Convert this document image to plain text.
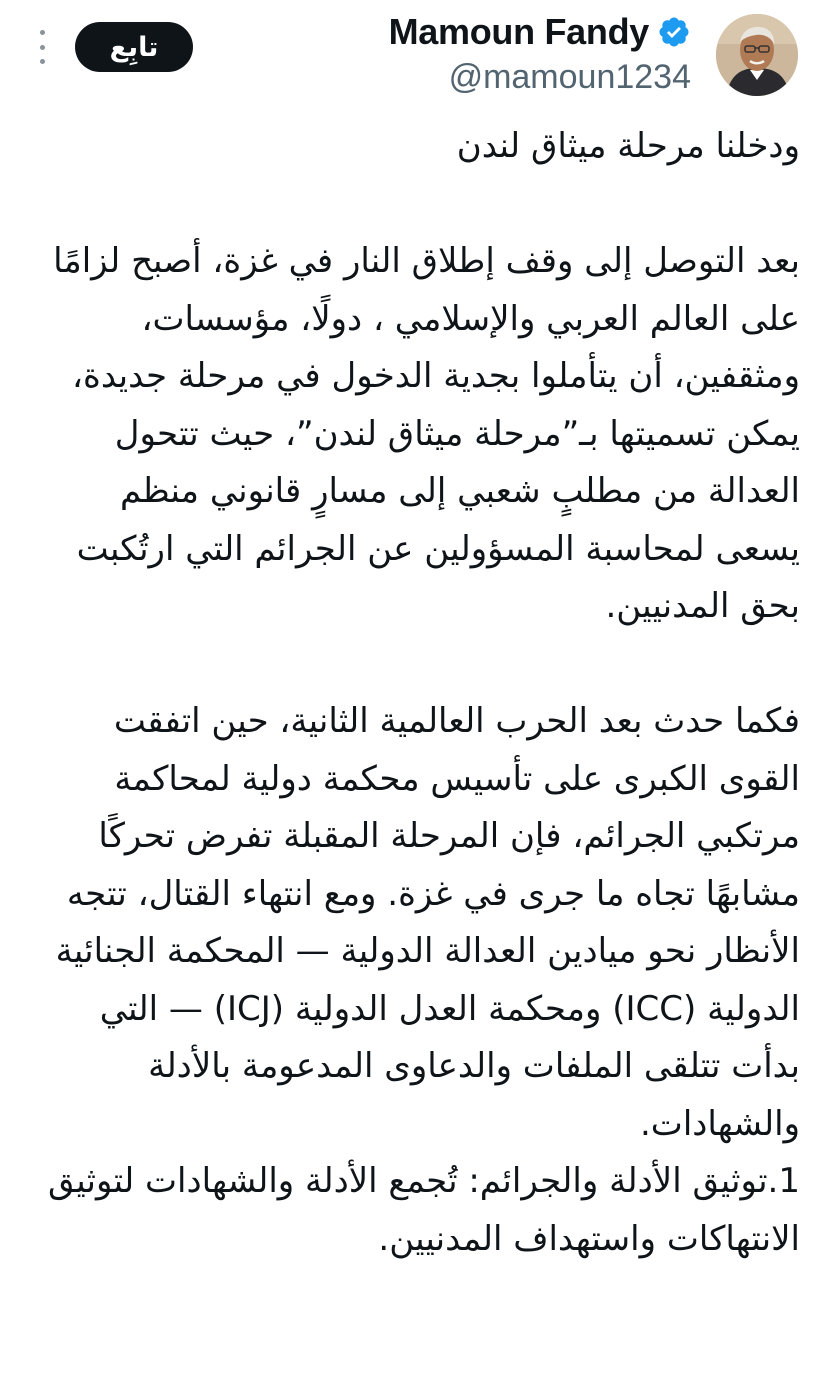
تابِع	Mamoun Fandy
@mamoun1234

ودخلنا مرحلة ميثاق لندن

بعد التوصل إلى وقف إطلاق النار في غزة، أصبح لزامًا على العالم العربي والإسلامي ، دولًا، مؤسسات، ومثقفين، أن يتأملوا بجدية الدخول في مرحلة جديدة، يمكن تسميتها بـ”مرحلة ميثاق لندن”، حيث تتحول العدالة من مطلبٍ شعبي إلى مسارٍ قانوني منظم يسعى لمحاسبة المسؤولين عن الجرائم التي ارتُكبت بحق المدنيين.

فكما حدث بعد الحرب العالمية الثانية، حين اتفقت القوى الكبرى على تأسيس محكمة دولية لمحاكمة مرتكبي الجرائم، فإن المرحلة المقبلة تفرض تحركًا مشابهًا تجاه ما جرى في غزة. ومع انتهاء القتال، تتجه الأنظار نحو ميادين العدالة الدولية — المحكمة الجنائية الدولية (ICC) ومحكمة العدل الدولية (ICJ) — التي بدأت تتلقى الملفات والدعاوى المدعومة بالأدلة والشهادات.

1.توثيق الأدلة والجرائم: تُجمع الأدلة والشهادات لتوثيق الانتهاكات واستهداف المدنيين.
